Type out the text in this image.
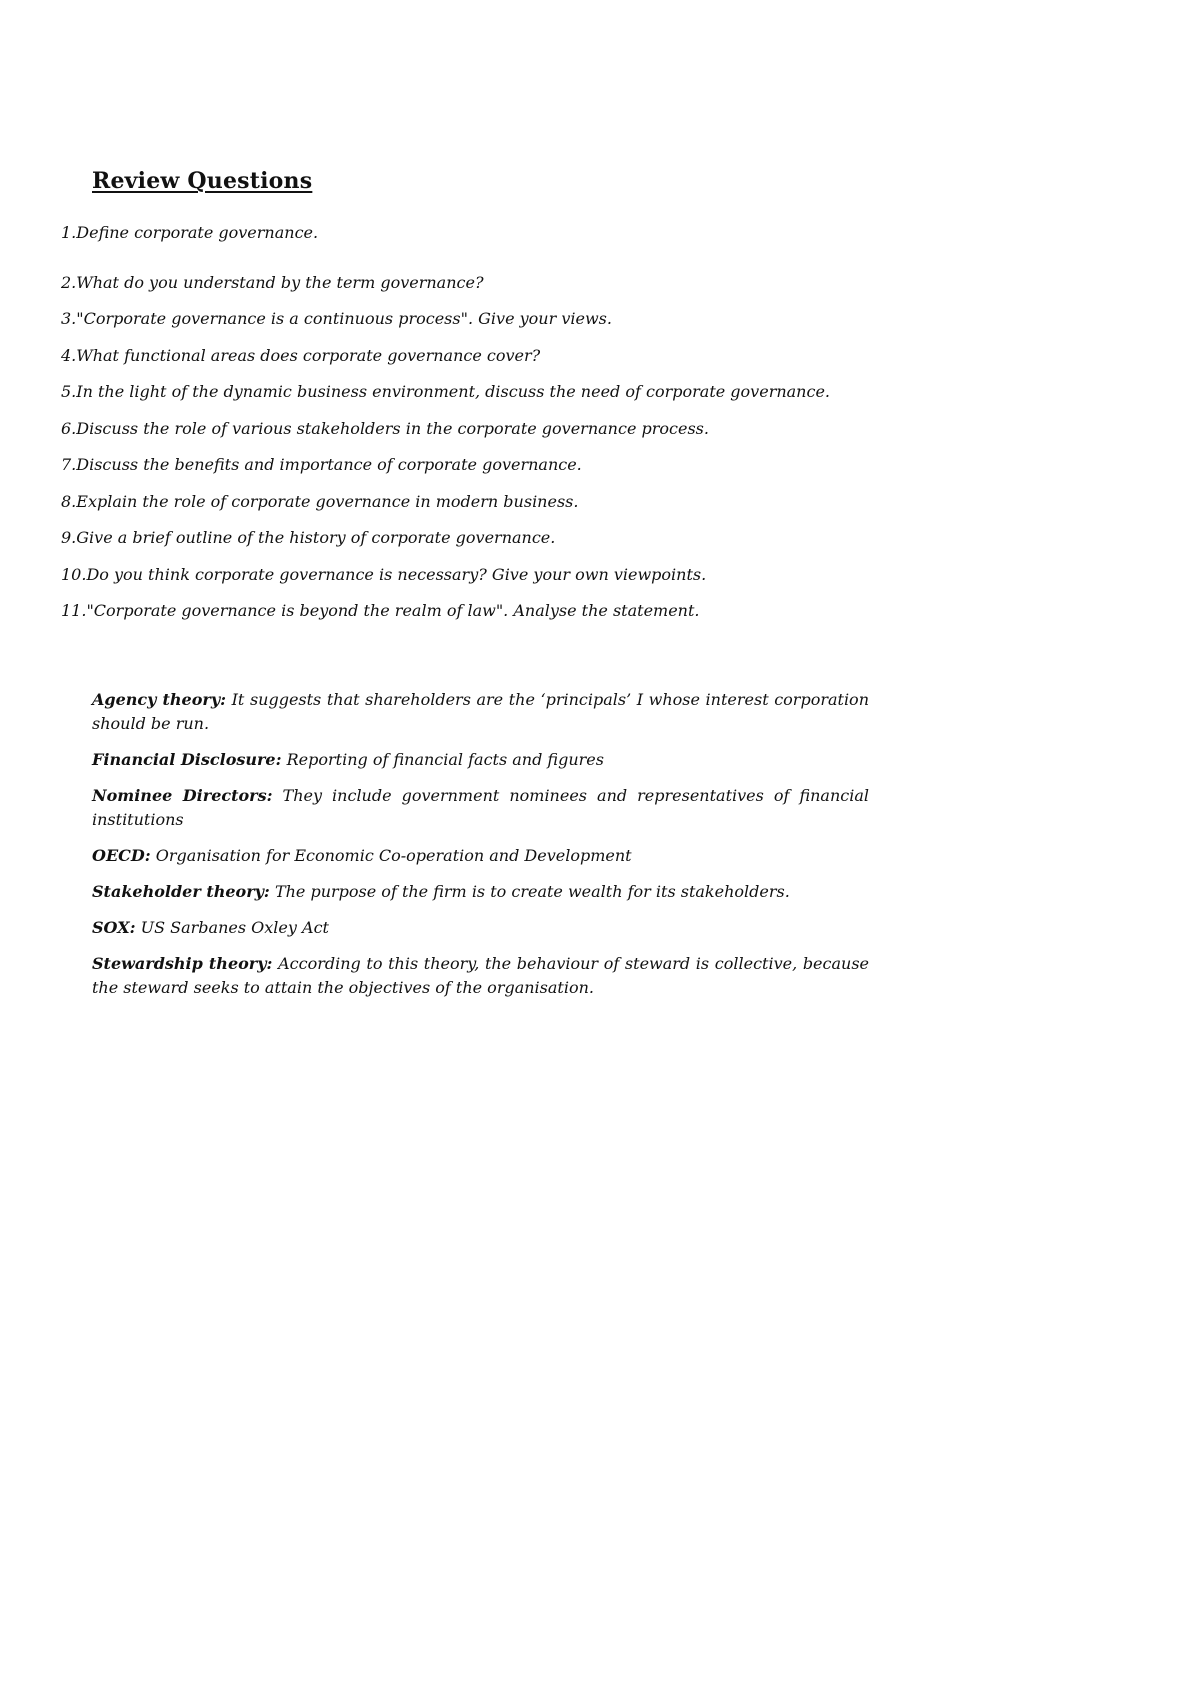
Review Questions
1.Define corporate governance.
2.What do you understand by the term governance?
3."Corporate governance is a continuous process". Give your views.
4.What functional areas does corporate governance cover?
5.In the light of the dynamic business environment, discuss the need of corporate governance.
6.Discuss the role of various stakeholders in the corporate governance process.
7.Discuss the benefits and importance of corporate governance.
8.Explain the role of corporate governance in modern business.
9.Give a brief outline of the history of corporate governance.
10.Do you think corporate governance is necessary? Give your own viewpoints.
11."Corporate governance is beyond the realm of law". Analyse the statement.

Agency theory: It suggests that shareholders are the ‘principals’ I whose interest corporation should be run.

Financial Disclosure: Reporting of financial facts and figures

Nominee Directors: They include government nominees and representatives of financial institutions

OECD: Organisation for Economic Co-operation and Development

Stakeholder theory: The purpose of the firm is to create wealth for its stakeholders.

SOX: US Sarbanes Oxley Act

Stewardship theory: According to this theory, the behaviour of steward is collective, because the steward seeks to attain the objectives of the organisation.
